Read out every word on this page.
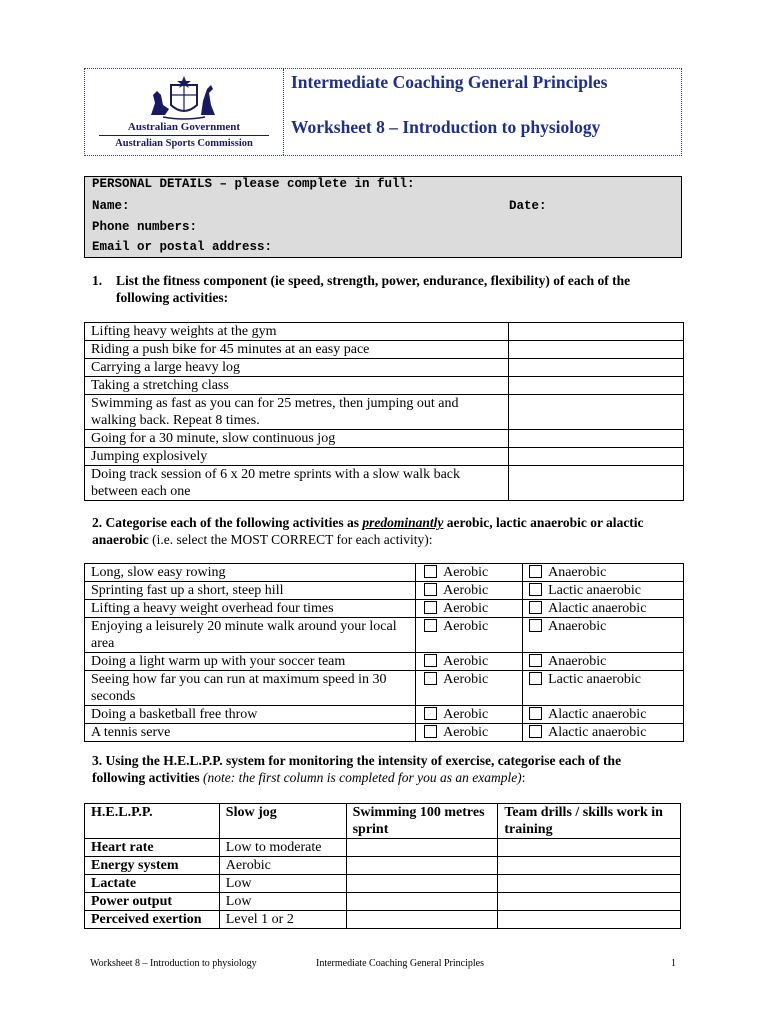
Australian Government
Australian Sports Commission
Intermediate Coaching General Principles
Worksheet 8 – Introduction to physiology
PERSONAL DETAILS – please complete in full:
Name:	Date:
Phone numbers:
Email or postal address:
1. List the fitness component (ie speed, strength, power, endurance, flexibility) of each of the following activities:
Lifting heavy weights at the gym	
Riding a push bike for 45 minutes at an easy pace	
Carrying a large heavy log	
Taking a stretching class	
Swimming as fast as you can for 25 metres, then jumping out and walking back. Repeat 8 times.	
Going for a 30 minute, slow continuous jog	
Jumping explosively	
Doing track session of 6 x 20 metre sprints with a slow walk back between each one	
2. Categorise each of the following activities as predominantly aerobic, lactic anaerobic or alactic anaerobic (i.e. select the MOST CORRECT for each activity):
Long, slow easy rowing	Aerobic	Anaerobic
Sprinting fast up a short, steep hill	Aerobic	Lactic anaerobic
Lifting a heavy weight overhead four times	Aerobic	Alactic anaerobic
Enjoying a leisurely 20 minute walk around your local area	Aerobic	Anaerobic
Doing a light warm up with your soccer team	Aerobic	Anaerobic
Seeing how far you can run at maximum speed in 30 seconds	Aerobic	Lactic anaerobic
Doing a basketball free throw	Aerobic	Alactic anaerobic
A tennis serve	Aerobic	Alactic anaerobic
3. Using the H.E.L.P.P. system for monitoring the intensity of exercise, categorise each of the following activities (note: the first column is completed for you as an example):
H.E.L.P.P.	Slow jog	Swimming 100 metres sprint	Team drills / skills work in training
Heart rate	Low to moderate		
Energy system	Aerobic		
Lactate	Low		
Power output	Low		
Perceived exertion	Level 1 or 2		
Worksheet 8 – Introduction to physiology	Intermediate Coaching General Principles	1
